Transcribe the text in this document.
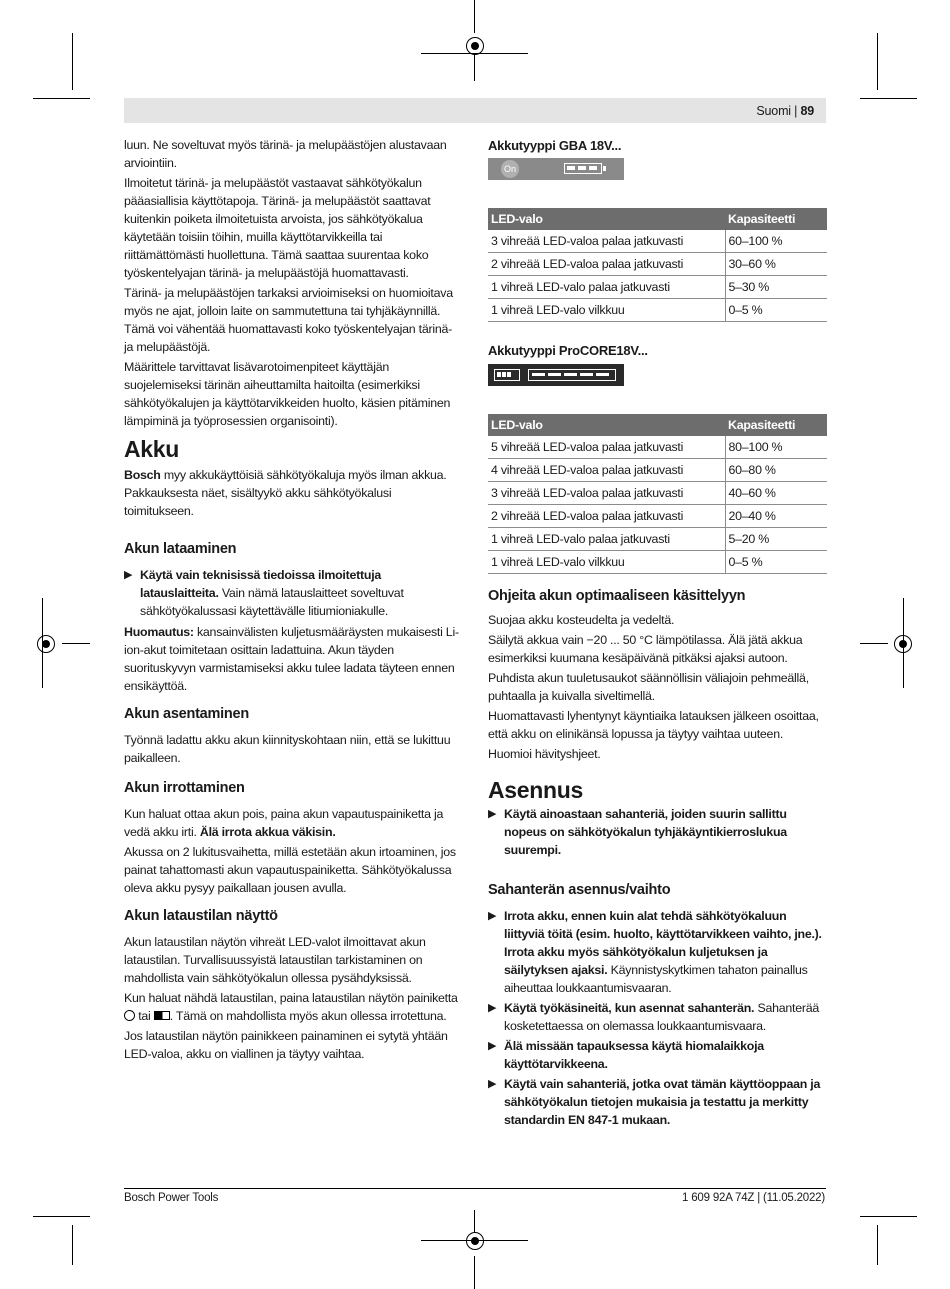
Suomi | 89

luun. Ne soveltuvat myös tärinä- ja melupäästöjen alustavaan arviointiin.

Ilmoitetut tärinä- ja melupäästöt vastaavat sähkötyökalun pääasiallisia käyttötapoja. Tärinä- ja melupäästöt saattavat kuitenkin poiketa ilmoitetuista arvoista, jos sähkötyökalua käytetään toisiin töihin, muilla käyttötarvikkeilla tai riittämättömästi huollettuna. Tämä saattaa suurentaa koko työskentelyajan tärinä- ja melupäästöjä huomattavasti.

Tärinä- ja melupäästöjen tarkaksi arvioimiseksi on huomioitava myös ne ajat, jolloin laite on sammutettuna tai tyhjäkäynnillä. Tämä voi vähentää huomattavasti koko työskentelyajan tärinä- ja melupäästöjä.

Määrittele tarvittavat lisävarotoimenpiteet käyttäjän suojelemiseksi tärinän aiheuttamilta haitoilta (esimerkiksi sähkötyökalujen ja käyttötarvikkeiden huolto, käsien pitäminen lämpiminä ja työprosessien organisointi).

Akku

Bosch myy akkukäyttöisiä sähkötyökaluja myös ilman akkua. Pakkauksesta näet, sisältyykö akku sähkötyökalusi toimitukseen.

Akun lataaminen
▶ Käytä vain teknisissä tiedoissa ilmoitettuja latauslaitteita. Vain nämä latauslaitteet soveltuvat sähkötyökalussasi käytettävälle litiumioniakulle.

Huomautus: kansainvälisten kuljetusmääräysten mukaisesti Li-ion-akut toimitetaan osittain ladattuina. Akun täyden suorituskyvyn varmistamiseksi akku tulee ladata täyteen ennen ensikäyttöä.

Akun asentaminen

Työnnä ladattu akku akun kiinnityskohtaan niin, että se lukittuu paikalleen.

Akun irrottaminen

Kun haluat ottaa akun pois, paina akun vapautuspainiketta ja vedä akku irti. Älä irrota akkua väkisin.

Akussa on 2 lukitusvaihetta, millä estetään akun irtoaminen, jos painat tahattomasti akun vapautuspainiketta. Sähkötyökalussa oleva akku pysyy paikallaan jousen avulla.

Akun lataustilan näyttö

Akun lataustilan näytön vihreät LED-valot ilmoittavat akun lataustilan. Turvallisuussyistä lataustilan tarkistaminen on mahdollista vain sähkötyökalun ollessa pysähdyksissä.

Kun haluat nähdä lataustilan, paina lataustilan näytön painiketta  tai . Tämä on mahdollista myös akun ollessa irrotettuna.

Jos lataustilan näytön painikkeen painaminen ei sytytä yhtään LED-valoa, akku on viallinen ja täytyy vaihtaa.

Akkutyyppi GBA 18V...
On
LED-valo	Kapasiteetti
3 vihreää LED-valoa palaa jatkuvasti	60–100 %
2 vihreää LED-valoa palaa jatkuvasti	30–60 %
1 vihreä LED-valo palaa jatkuvasti	5–30 %
1 vihreä LED-valo vilkkuu	0–5 %
Akkutyyppi ProCORE18V...
LED-valo	Kapasiteetti
5 vihreää LED-valoa palaa jatkuvasti	80–100 %
4 vihreää LED-valoa palaa jatkuvasti	60–80 %
3 vihreää LED-valoa palaa jatkuvasti	40–60 %
2 vihreää LED-valoa palaa jatkuvasti	20–40 %
1 vihreä LED-valo palaa jatkuvasti	5–20 %
1 vihreä LED-valo vilkkuu	0–5 %
Ohjeita akun optimaaliseen käsittelyyn

Suojaa akku kosteudelta ja vedeltä.

Säilytä akkua vain −20 ... 50 °C lämpötilassa. Älä jätä akkua esimerkiksi kuumana kesäpäivänä pitkäksi ajaksi autoon.

Puhdista akun tuuletusaukot säännöllisin väliajoin pehmeällä, puhtaalla ja kuivalla siveltimellä.

Huomattavasti lyhentynyt käyntiaika latauksen jälkeen osoittaa, että akku on elinikänsä lopussa ja täytyy vaihtaa uuteen.

Huomioi hävityshjeet.

Asennus
▶ Käytä ainoastaan sahanteriä, joiden suurin sallittu nopeus on sähkötyökalun tyhjäkäyntikierroslukua suurempi.
Sahanterän asennus/vaihto
▶ Irrota akku, ennen kuin alat tehdä sähkötyökaluun liittyviä töitä (esim. huolto, käyttötarvikkeen vaihto, jne.). Irrota akku myös sähkötyökalun kuljetuksen ja säilytyksen ajaksi. Käynnistyskytkimen tahaton painallus aiheuttaa loukkaantumisvaaran.
▶ Käytä työkäsineitä, kun asennat sahanterän. Sahanterää kosketettaessa on olemassa loukkaantumisvaara.
▶ Älä missään tapauksessa käytä hiomalaikkoja käyttötarvikkeena.
▶ Käytä vain sahanteriä, jotka ovat tämän käyttöoppaan ja sähkötyökalun tietojen mukaisia ja testattu ja merkitty standardin EN 847-1 mukaan.
Bosch Power Tools	1 609 92A 74Z | (11.05.2022)
